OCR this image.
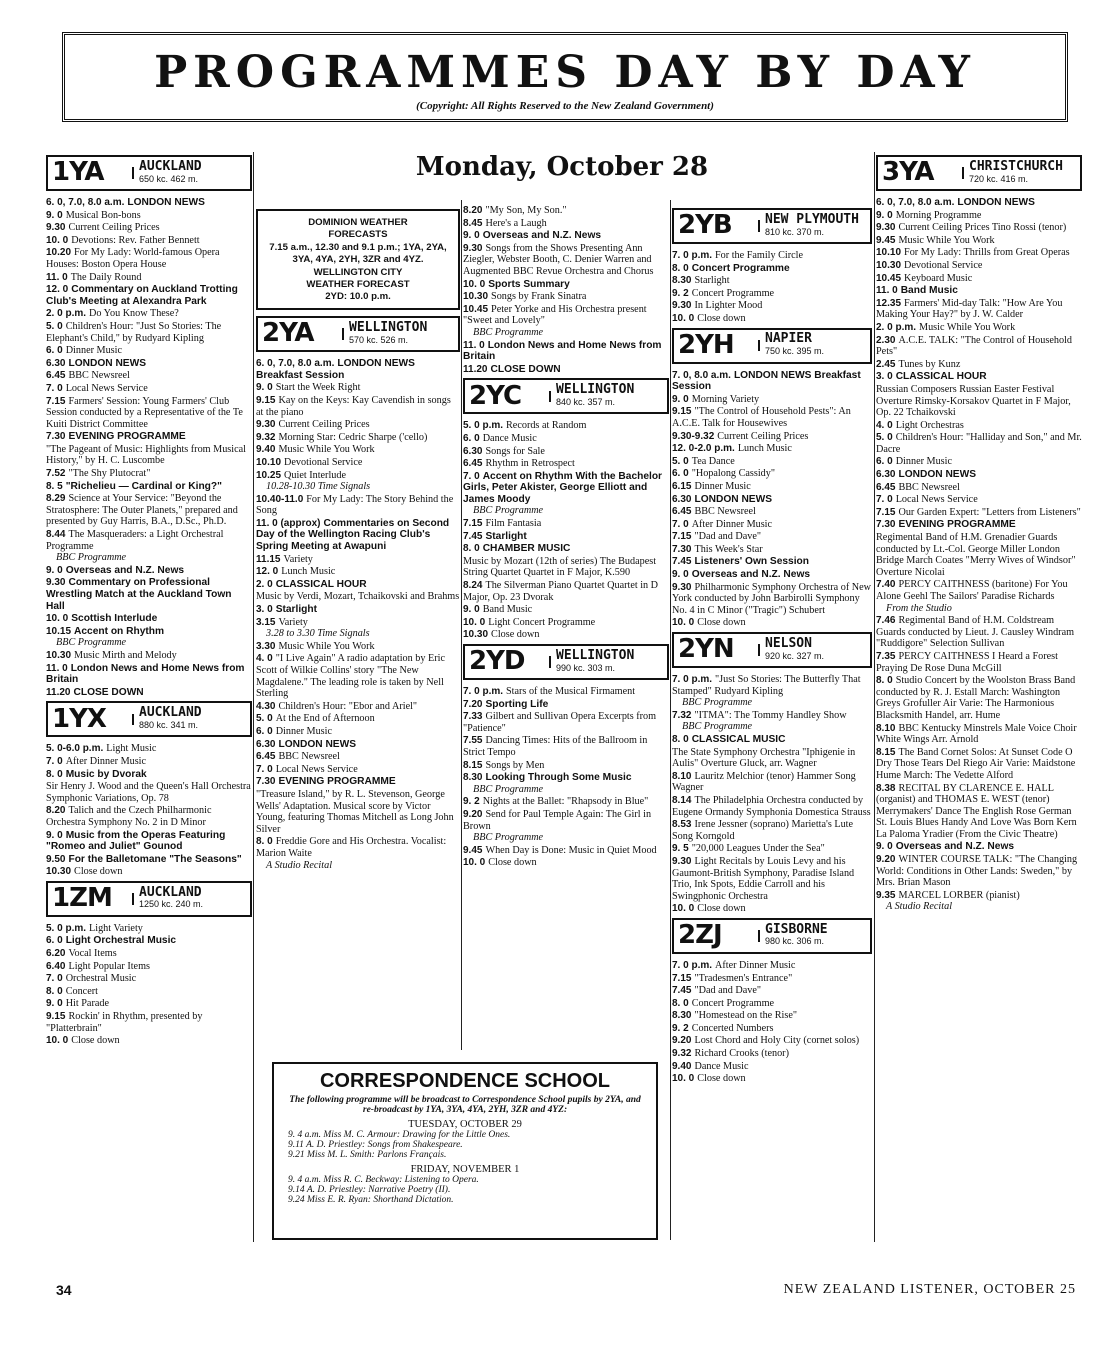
PROGRAMMES DAY BY DAY
(Copyright: All Rights Reserved to the New Zealand Government)
Monday, October 28
1YA	AUCKLAND
650 kc. 462 m.
6. 0, 7.0, 8.0 a.m. LONDON NEWS
9. 0 Musical Bon-bons
9.30 Current Ceiling Prices
10. 0 Devotions: Rev. Father Bennett
10.20 For My Lady: World-famous Opera Houses: Boston Opera House
11. 0 The Daily Round
12. 0 Commentary on Auckland Trotting Club's Meeting at Alexandra Park
2. 0 p.m. Do You Know These?
5. 0 Children's Hour: "Just So Stories: The Elephant's Child," by Rudyard Kipling
6. 0 Dinner Music
6.30 LONDON NEWS
6.45 BBC Newsreel
7. 0 Local News Service
7.15 Farmers' Session: Young Farmers' Club Session conducted by a Representative of the Te Kuiti District Committee
7.30 EVENING PROGRAMME
"The Pageant of Music: Highlights from Musical History," by H. C. Luscombe
7.52 "The Shy Plutocrat"
8. 5 "Richelieu — Cardinal or King?"
8.29 Science at Your Service: "Beyond the Stratosphere: The Outer Planets," prepared and presented by Guy Harris, B.A., D.Sc., Ph.D.
8.44 The Masqueraders: a Light Orchestral Programme
BBC Programme
9. 0 Overseas and N.Z. News
9.30 Commentary on Professional Wrestling Match at the Auckland Town Hall
10. 0 Scottish Interlude
10.15 Accent on Rhythm
BBC Programme
10.30 Music Mirth and Melody
11. 0 London News and Home News from Britain
11.20 CLOSE DOWN
1YX	AUCKLAND
880 kc. 341 m.
5. 0-6.0 p.m. Light Music
7. 0 After Dinner Music
8. 0 Music by Dvorak
Sir Henry J. Wood and the Queen's Hall Orchestra Symphonic Variations, Op. 78
8.20 Talich and the Czech Philharmonic Orchestra Symphony No. 2 in D Minor
9. 0 Music from the Operas Featuring "Romeo and Juliet" Gounod
9.50 For the Balletomane "The Seasons"
10.30 Close down
1ZM	AUCKLAND
1250 kc. 240 m.
5. 0 p.m. Light Variety
6. 0 Light Orchestral Music
6.20 Vocal Items
6.40 Light Popular Items
7. 0 Orchestral Music
8. 0 Concert
9. 0 Hit Parade
9.15 Rockin' in Rhythm, presented by "Platterbrain"
10. 0 Close down
DOMINION WEATHER
FORECASTS
7.15 a.m., 12.30 and 9.1 p.m.; 1YA, 2YA, 3YA, 4YA, 2YH, 3ZR and 4YZ.
WELLINGTON CITY
WEATHER FORECAST
2YD: 10.0 p.m.
2YA	WELLINGTON
570 kc. 526 m.
6. 0, 7.0, 8.0 a.m. LONDON NEWS Breakfast Session
9. 0 Start the Week Right
9.15 Kay on the Keys: Kay Cavendish in songs at the piano
9.30 Current Ceiling Prices
9.32 Morning Star: Cedric Sharpe ('cello)
9.40 Music While You Work
10.10 Devotional Service
10.25 Quiet Interlude
10.28-10.30 Time Signals
10.40-11.0 For My Lady: The Story Behind the Song
11. 0 (approx) Commentaries on Second Day of the Wellington Racing Club's Spring Meeting at Awapuni
11.15 Variety
12. 0 Lunch Music
2. 0 CLASSICAL HOUR
Music by Verdi, Mozart, Tchaikovski and Brahms
3. 0 Starlight
3.15 Variety
3.28 to 3.30 Time Signals
3.30 Music While You Work
4. 0 "I Live Again" A radio adaptation by Eric Scott of Wilkie Collins' story "The New Magdalene." The leading role is taken by Nell Sterling
4.30 Children's Hour: "Ebor and Ariel"
5. 0 At the End of Afternoon
6. 0 Dinner Music
6.30 LONDON NEWS
6.45 BBC Newsreel
7. 0 Local News Service
7.30 EVENING PROGRAMME
"Treasure Island," by R. L. Stevenson, George Wells' Adaptation. Musical score by Victor Young, featuring Thomas Mitchell as Long John Silver
8. 0 Freddie Gore and His Orchestra. Vocalist: Marion Waite
A Studio Recital
8.20 "My Son, My Son."
8.45 Here's a Laugh
9. 0 Overseas and N.Z. News
9.30 Songs from the Shows Presenting Ann Ziegler, Webster Booth, C. Denier Warren and Augmented BBC Revue Orchestra and Chorus
10. 0 Sports Summary
10.30 Songs by Frank Sinatra
10.45 Peter Yorke and His Orchestra present "Sweet and Lovely"
BBC Programme
11. 0 London News and Home News from Britain
11.20 CLOSE DOWN
2YC	WELLINGTON
840 kc. 357 m.
5. 0 p.m. Records at Random
6. 0 Dance Music
6.30 Songs for Sale
6.45 Rhythm in Retrospect
7. 0 Accent on Rhythm With the Bachelor Girls, Peter Akister, George Elliott and James Moody
BBC Programme
7.15 Film Fantasia
7.45 Starlight
8. 0 CHAMBER MUSIC
Music by Mozart (12th of series) The Budapest String Quartet Quartet in F Major, K.590
8.24 The Silverman Piano Quartet Quartet in D Major, Op. 23 Dvorak
9. 0 Band Music
10. 0 Light Concert Programme
10.30 Close down
2YD	WELLINGTON
990 kc. 303 m.
7. 0 p.m. Stars of the Musical Firmament
7.20 Sporting Life
7.33 Gilbert and Sullivan Opera Excerpts from "Patience"
7.55 Dancing Times: Hits of the Ballroom in Strict Tempo
8.15 Songs by Men
8.30 Looking Through Some Music
BBC Programme
9. 2 Nights at the Ballet: "Rhapsody in Blue"
9.20 Send for Paul Temple Again: The Girl in Brown
BBC Programme
9.45 When Day is Done: Music in Quiet Mood
10. 0 Close down
2YB	NEW PLYMOUTH
810 kc. 370 m.
7. 0 p.m. For the Family Circle
8. 0 Concert Programme
8.30 Starlight
9. 2 Concert Programme
9.30 In Lighter Mood
10. 0 Close down
2YH	NAPIER
750 kc. 395 m.
7. 0, 8.0 a.m. LONDON NEWS Breakfast Session
9. 0 Morning Variety
9.15 "The Control of Household Pests": An A.C.E. Talk for Housewives
9.30-9.32 Current Ceiling Prices
12. 0-2.0 p.m. Lunch Music
5. 0 Tea Dance
6. 0 "Hopalong Cassidy"
6.15 Dinner Music
6.30 LONDON NEWS
6.45 BBC Newsreel
7. 0 After Dinner Music
7.15 "Dad and Dave"
7.30 This Week's Star
7.45 Listeners' Own Session
9. 0 Overseas and N.Z. News
9.30 Philharmonic Symphony Orchestra of New York conducted by John Barbirolli Symphony No. 4 in C Minor ("Tragic") Schubert
10. 0 Close down
2YN	NELSON
920 kc. 327 m.
7. 0 p.m. "Just So Stories: The Butterfly That Stamped" Rudyard Kipling
BBC Programme
7.32 "ITMA": The Tommy Handley Show
BBC Programme
8. 0 CLASSICAL MUSIC
The State Symphony Orchestra "Iphigenie in Aulis" Overture Gluck, arr. Wagner
8.10 Lauritz Melchior (tenor) Hammer Song Wagner
8.14 The Philadelphia Orchestra conducted by Eugene Ormandy Symphonia Domestica Strauss
8.53 Irene Jessner (soprano) Marietta's Lute Song Korngold
9. 5 "20,000 Leagues Under the Sea"
9.30 Light Recitals by Louis Levy and his Gaumont-British Symphony, Paradise Island Trio, Ink Spots, Eddie Carroll and his Swingphonic Orchestra
10. 0 Close down
2ZJ	GISBORNE
980 kc. 306 m.
7. 0 p.m. After Dinner Music
7.15 "Tradesmen's Entrance"
7.45 "Dad and Dave"
8. 0 Concert Programme
8.30 "Homestead on the Rise"
9. 2 Concerted Numbers
9.20 Lost Chord and Holy City (cornet solos)
9.32 Richard Crooks (tenor)
9.40 Dance Music
10. 0 Close down
3YA	CHRISTCHURCH
720 kc. 416 m.
6. 0, 7.0, 8.0 a.m. LONDON NEWS
9. 0 Morning Programme
9.30 Current Ceiling Prices Tino Rossi (tenor)
9.45 Music While You Work
10.10 For My Lady: Thrills from Great Operas
10.30 Devotional Service
10.45 Keyboard Music
11. 0 Band Music
12.35 Farmers' Mid-day Talk: "How Are You Making Your Hay?" by J. W. Calder
2. 0 p.m. Music While You Work
2.30 A.C.E. TALK: "The Control of Household Pets"
2.45 Tunes by Kunz
3. 0 CLASSICAL HOUR
Russian Composers Russian Easter Festival Overture Rimsky-Korsakov Quartet in F Major, Op. 22 Tchaikovski
4. 0 Light Orchestras
5. 0 Children's Hour: "Halliday and Son," and Mr. Dacre
6. 0 Dinner Music
6.30 LONDON NEWS
6.45 BBC Newsreel
7. 0 Local News Service
7.15 Our Garden Expert: "Letters from Listeners"
7.30 EVENING PROGRAMME
Regimental Band of H.M. Grenadier Guards conducted by Lt.-Col. George Miller London Bridge March Coates "Merry Wives of Windsor" Overture Nicolai
7.40 PERCY CAITHNESS (baritone) For You Alone Geehl The Sailors' Paradise Richards
From the Studio
7.46 Regimental Band of H.M. Coldstream Guards conducted by Lieut. J. Causley Windram "Ruddigore" Selection Sullivan
7.35 PERCY CAITHNESS I Heard a Forest Praying De Rose Duna McGill
8. 0 Studio Concert by the Woolston Brass Band conducted by R. J. Estall March: Washington Greys Grofuller Air Varie: The Harmonious Blacksmith Handel, arr. Hume
8.10 BBC Kentucky Minstrels Male Voice Choir White Wings Arr. Arnold
8.15 The Band Cornet Solos: At Sunset Code O Dry Those Tears Del Riego Air Varie: Maidstone Hume March: The Vedette Alford
8.38 RECITAL BY CLARENCE E. HALL (organist) and THOMAS E. WEST (tenor) Merrymakers' Dance The English Rose German St. Louis Blues Handy And Love Was Born Kern La Paloma Yradier (From the Civic Theatre)
9. 0 Overseas and N.Z. News
9.20 WINTER COURSE TALK: "The Changing World: Conditions in Other Lands: Sweden," by Mrs. Brian Mason
9.35 MARCEL LORBER (pianist)
A Studio Recital
CORRESPONDENCE SCHOOL
The following programme will be broadcast to Correspondence School pupils by 2YA, and re-broadcast by 1YA, 3YA, 4YA, 2YH, 3ZR and 4YZ:
TUESDAY, OCTOBER 29
9. 4 a.m. Miss M. C. Armour: Drawing for the Little Ones.
9.11 A. D. Priestley: Songs from Shakespeare.
9.21 Miss M. L. Smith: Parlons Français.
FRIDAY, NOVEMBER 1
9. 4 a.m. Miss R. C. Beckway: Listening to Opera.
9.14 A. D. Priestley: Narrative Poetry (II).
9.24 Miss E. R. Ryan: Shorthand Dictation.
34	NEW ZEALAND LISTENER, OCTOBER 25
